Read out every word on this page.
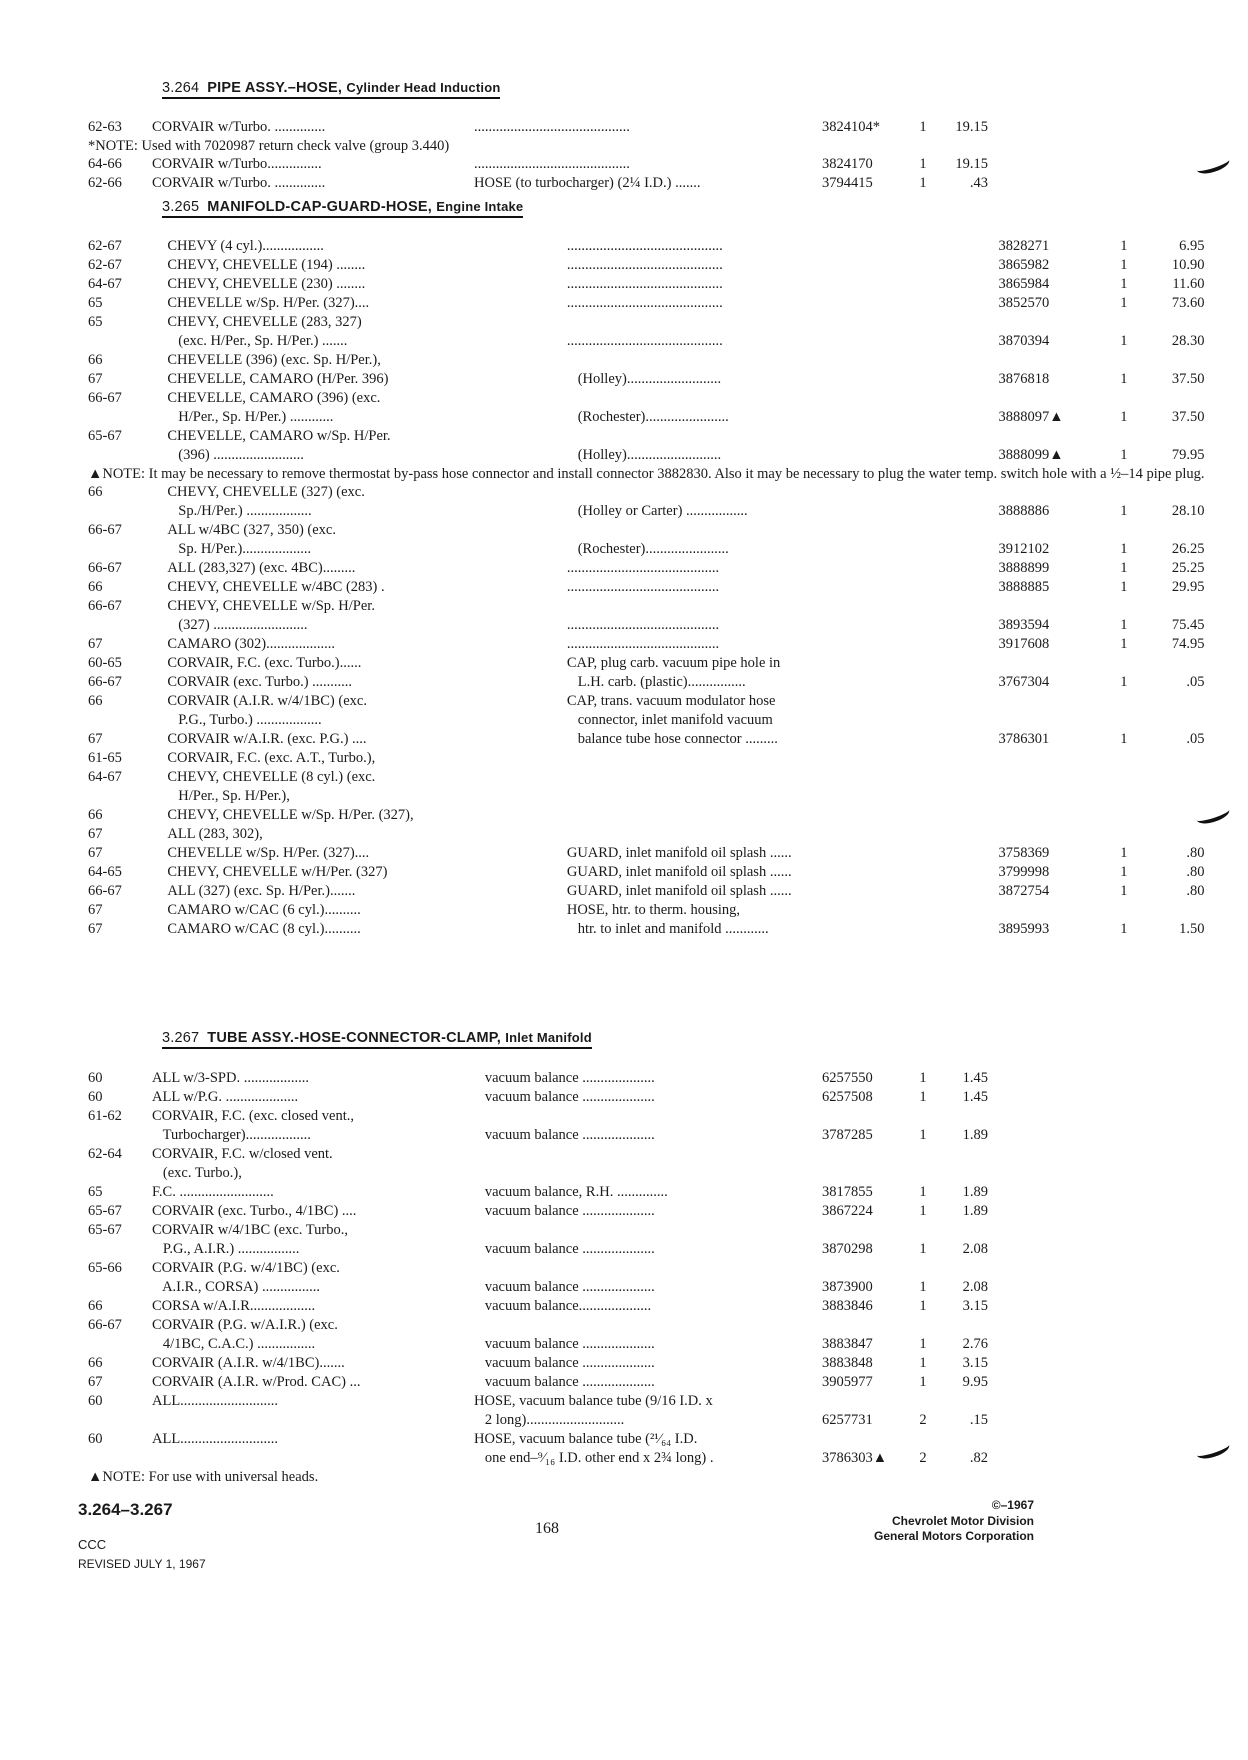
3.264 PIPE ASSY.–HOSE, Cylinder Head Induction
62-63	CORVAIR w/Turbo. ..............	...........................................	3824104*	1	19.15
*NOTE: Used with 7020987 return check valve (group 3.440)					
64-66	CORVAIR w/Turbo...............	...........................................	3824170	1	19.15
62-66	CORVAIR w/Turbo. ..............	HOSE (to turbocharger) (2¼ I.D.) .......	3794415	1	.43
3.265 MANIFOLD-CAP-GUARD-HOSE, Engine Intake
62-67	CHEVY (4 cyl.).................	...........................................	3828271	1	6.95
62-67	CHEVY, CHEVELLE (194) ........	...........................................	3865982	1	10.90
64-67	CHEVY, CHEVELLE (230) ........	...........................................	3865984	1	11.60
65	CHEVELLE w/Sp. H/Per. (327)....	...........................................	3852570	1	73.60
65	CHEVY, CHEVELLE (283, 327)				
	(exc. H/Per., Sp. H/Per.) .......	...........................................	3870394	1	28.30
66	CHEVELLE (396) (exc. Sp. H/Per.),				
67	CHEVELLE, CAMARO (H/Per. 396)	(Holley)..........................	3876818	1	37.50
66-67	CHEVELLE, CAMARO (396) (exc.				
	H/Per., Sp. H/Per.) ............	(Rochester).......................	3888097▲	1	37.50
65-67	CHEVELLE, CAMARO w/Sp. H/Per.				
	(396) .........................	(Holley)..........................	3888099▲	1	79.95
▲NOTE: It may be necessary to remove thermostat by-pass hose connector and install connector 3882830. Also it may be necessary to plug the water temp. switch hole with a ½–14 pipe plug.					
66	CHEVY, CHEVELLE (327) (exc.				
	Sp./H/Per.) ..................	(Holley or Carter) .................	3888886	1	28.10
66-67	ALL w/4BC (327, 350) (exc.				
	Sp. H/Per.)...................	(Rochester).......................	3912102	1	26.25
66-67	ALL (283,327) (exc. 4BC).........	..........................................	3888899	1	25.25
66	CHEVY, CHEVELLE w/4BC (283) .	..........................................	3888885	1	29.95
66-67	CHEVY, CHEVELLE w/Sp. H/Per.				
	(327) ..........................	..........................................	3893594	1	75.45
67	CAMARO (302)...................	..........................................	3917608	1	74.95
60-65	CORVAIR, F.C. (exc. Turbo.)......	CAP, plug carb. vacuum pipe hole in			
66-67	CORVAIR (exc. Turbo.) ...........	L.H. carb. (plastic)................	3767304	1	.05
66	CORVAIR (A.I.R. w/4/1BC) (exc.	CAP, trans. vacuum modulator hose			
	P.G., Turbo.) ..................	connector, inlet manifold vacuum			
67	CORVAIR w/A.I.R. (exc. P.G.) ....	balance tube hose connector .........	3786301	1	.05
61-65	CORVAIR, F.C. (exc. A.T., Turbo.),				
64-67	CHEVY, CHEVELLE (8 cyl.) (exc.				
	H/Per., Sp. H/Per.),				
66	CHEVY, CHEVELLE w/Sp. H/Per. (327),				
67	ALL (283, 302),				
67	CHEVELLE w/Sp. H/Per. (327)....	GUARD, inlet manifold oil splash ......	3758369	1	.80
64-65	CHEVY, CHEVELLE w/H/Per. (327)	GUARD, inlet manifold oil splash ......	3799998	1	.80
66-67	ALL (327) (exc. Sp. H/Per.).......	GUARD, inlet manifold oil splash ......	3872754	1	.80
67	CAMARO w/CAC (6 cyl.)..........	HOSE, htr. to therm. housing,			
67	CAMARO w/CAC (8 cyl.)..........	htr. to inlet and manifold ............	3895993	1	1.50
3.267 TUBE ASSY.-HOSE-CONNECTOR-CLAMP, Inlet Manifold
60	ALL w/3-SPD. ..................	vacuum balance ....................	6257550	1	1.45
60	ALL w/P.G. ....................	vacuum balance ....................	6257508	1	1.45
61-62	CORVAIR, F.C. (exc. closed vent.,				
	Turbocharger)..................	vacuum balance ....................	3787285	1	1.89
62-64	CORVAIR, F.C. w/closed vent.				
	(exc. Turbo.),				
65	F.C. ..........................	vacuum balance, R.H. ..............	3817855	1	1.89
65-67	CORVAIR (exc. Turbo., 4/1BC) ....	vacuum balance ....................	3867224	1	1.89
65-67	CORVAIR w/4/1BC (exc. Turbo.,				
	P.G., A.I.R.) .................	vacuum balance ....................	3870298	1	2.08
65-66	CORVAIR (P.G. w/4/1BC) (exc.				
	A.I.R., CORSA) ................	vacuum balance ....................	3873900	1	2.08
66	CORSA w/A.I.R..................	vacuum balance....................	3883846	1	3.15
66-67	CORVAIR (P.G. w/A.I.R.) (exc.				
	4/1BC, C.A.C.) ................	vacuum balance ....................	3883847	1	2.76
66	CORVAIR (A.I.R. w/4/1BC).......	vacuum balance ....................	3883848	1	3.15
67	CORVAIR (A.I.R. w/Prod. CAC) ...	vacuum balance ....................	3905977	1	9.95
60	ALL...........................	HOSE, vacuum balance tube (9/16 I.D. x			
		2 long)...........................	6257731	2	.15
60	ALL...........................	HOSE, vacuum balance tube (²¹⁄₆₄ I.D.			
		one end–⁹⁄₁₆ I.D. other end x 2¾ long) .	3786303▲	2	.82
▲NOTE: For use with universal heads.					
3.264–3.267
CCC
REVISED JULY 1, 1967
168
©–1967
Chevrolet Motor Division
General Motors Corporation
